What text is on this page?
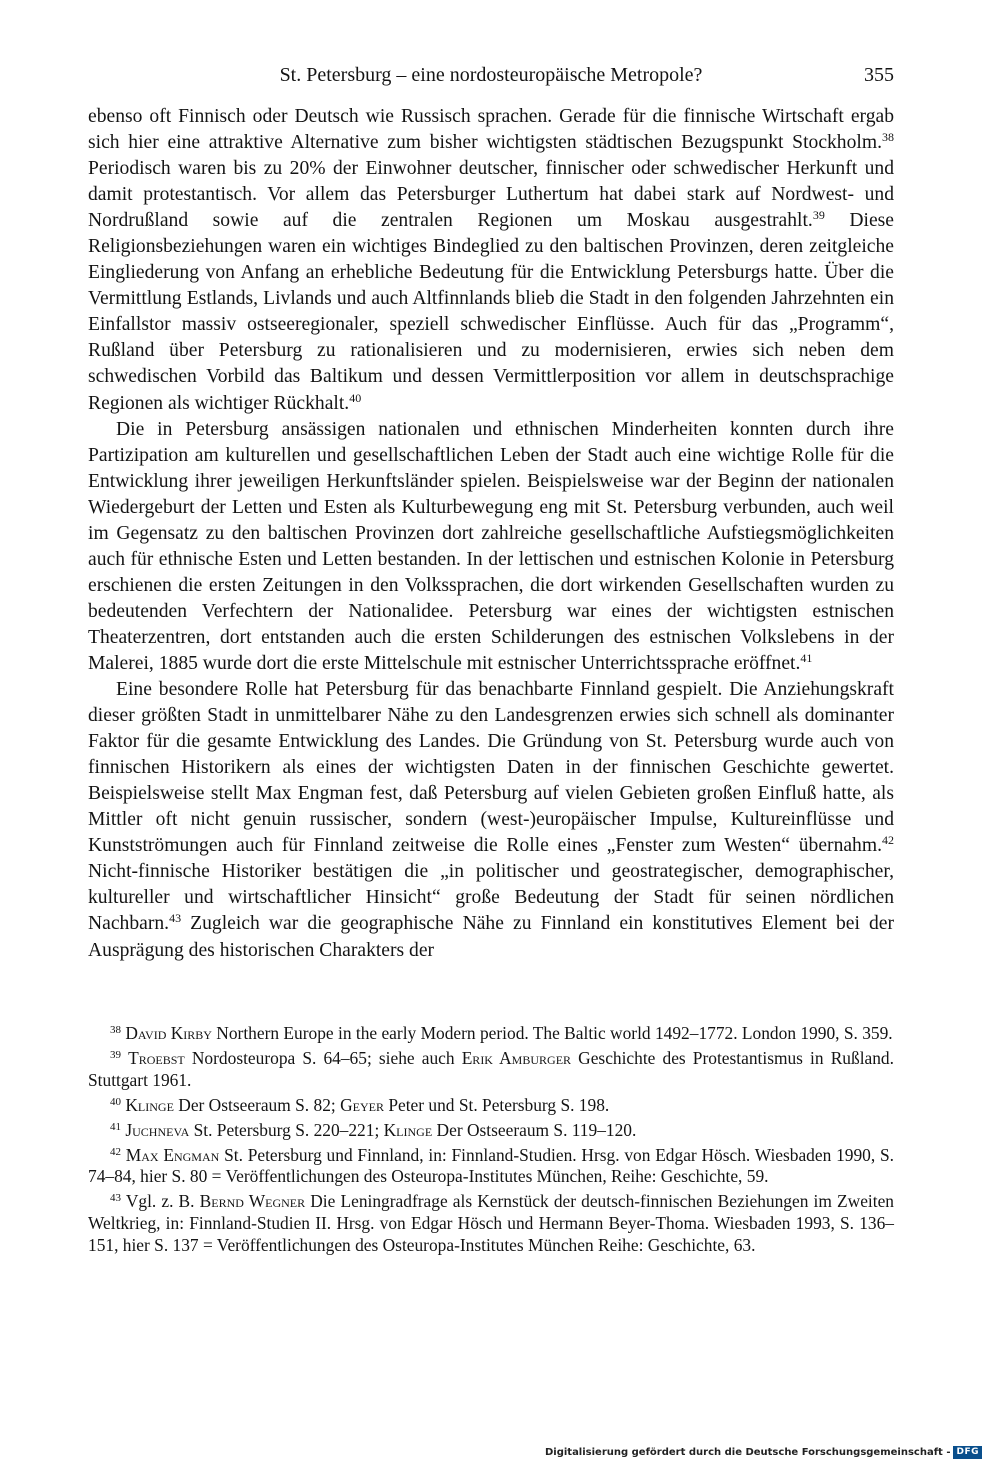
St. Petersburg – eine nordosteuropäische Metropole?	355

ebenso oft Finnisch oder Deutsch wie Russisch sprachen. Gerade für die finnische Wirtschaft ergab sich hier eine attraktive Alternative zum bisher wichtigsten städtischen Bezugspunkt Stockholm.$^{38}$ Periodisch waren bis zu 20% der Einwohner deutscher, finnischer oder schwedischer Herkunft und damit protestantisch. Vor allem das Petersburger Luthertum hat dabei stark auf Nordwest- und Nordrußland sowie auf die zentralen Regionen um Moskau ausgestrahlt.$^{39}$ Diese Religionsbeziehungen waren ein wichtiges Bindeglied zu den baltischen Provinzen, deren zeitgleiche Eingliederung von Anfang an erhebliche Bedeutung für die Entwicklung Petersburgs hatte. Über die Vermittlung Estlands, Livlands und auch Altfinnlands blieb die Stadt in den folgenden Jahrzehnten ein Einfallstor massiv ostseeregionaler, speziell schwedischer Einflüsse. Auch für das „Programm“, Rußland über Petersburg zu rationalisieren und zu modernisieren, erwies sich neben dem schwedischen Vorbild das Baltikum und dessen Vermittlerposition vor allem in deutschsprachige Regionen als wichtiger Rückhalt.$^{40}$

Die in Petersburg ansässigen nationalen und ethnischen Minderheiten konnten durch ihre Partizipation am kulturellen und gesellschaftlichen Leben der Stadt auch eine wichtige Rolle für die Entwicklung ihrer jeweiligen Herkunftsländer spielen. Beispielsweise war der Beginn der nationalen Wiedergeburt der Letten und Esten als Kulturbewegung eng mit St. Petersburg verbunden, auch weil im Gegensatz zu den baltischen Provinzen dort zahlreiche gesellschaftliche Aufstiegsmöglichkeiten auch für ethnische Esten und Letten bestanden. In der lettischen und estnischen Kolonie in Petersburg erschienen die ersten Zeitungen in den Volkssprachen, die dort wirkenden Gesellschaften wurden zu bedeutenden Verfechtern der Nationalidee. Petersburg war eines der wichtigsten estnischen Theaterzentren, dort entstanden auch die ersten Schilderungen des estnischen Volkslebens in der Malerei, 1885 wurde dort die erste Mittelschule mit estnischer Unterrichtssprache eröffnet.$^{41}$

Eine besondere Rolle hat Petersburg für das benachbarte Finnland gespielt. Die Anziehungskraft dieser größten Stadt in unmittelbarer Nähe zu den Landesgrenzen erwies sich schnell als dominanter Faktor für die gesamte Entwicklung des Landes. Die Gründung von St. Petersburg wurde auch von finnischen Historikern als eines der wichtigsten Daten in der finnischen Geschichte gewertet. Beispielsweise stellt Max Engman fest, daß Petersburg auf vielen Gebieten großen Einfluß hatte, als Mittler oft nicht genuin russischer, sondern (west-)europäischer Impulse, Kultureinflüsse und Kunstströmungen auch für Finnland zeitweise die Rolle eines „Fenster zum Westen“ übernahm.$^{42}$ Nicht-finnische Historiker bestätigen die „in politischer und geostrategischer, demographischer, kultureller und wirtschaftlicher Hinsicht“ große Bedeutung der Stadt für seinen nördlichen Nachbarn.$^{43}$ Zugleich war die geographische Nähe zu Finnland ein konstitutives Element bei der Ausprägung des historischen Charakters der

$^{38}$ David Kirby Northern Europe in the early Modern period. The Baltic world 1492–1772. London 1990, S. 359.

$^{39}$ Troebst Nordosteuropa S. 64–65; siehe auch Erik Amburger Geschichte des Protestantismus in Rußland. Stuttgart 1961.

$^{40}$ Klinge Der Ostseeraum S. 82; Geyer Peter und St. Petersburg S. 198.

$^{41}$ Juchneva St. Petersburg S. 220–221; Klinge Der Ostseeraum S. 119–120.

$^{42}$ Max Engman St. Petersburg und Finnland, in: Finnland-Studien. Hrsg. von Edgar Hösch. Wiesbaden 1990, S. 74–84, hier S. 80 = Veröffentlichungen des Osteuropa-Institutes München, Reihe: Geschichte, 59.

$^{43}$ Vgl. z. B. Bernd Wegner Die Leningradfrage als Kernstück der deutsch-finnischen Beziehungen im Zweiten Weltkrieg, in: Finnland-Studien II. Hrsg. von Edgar Hösch und Hermann Beyer-Thoma. Wiesbaden 1993, S. 136–151, hier S. 137 = Veröffentlichungen des Osteuropa-Institutes München Reihe: Geschichte, 63.

Digitalisierung gefördert durch die Deutsche Forschungsgemeinschaft - DFG
